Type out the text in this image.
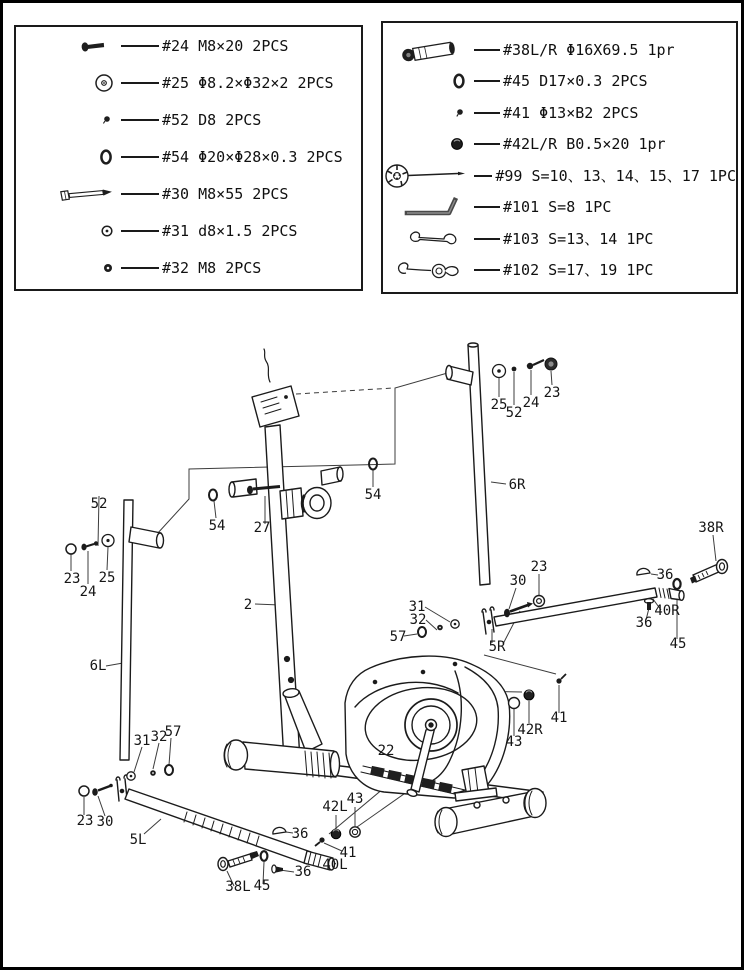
#24 M8×20 2PCS
#25 Φ8.2×Φ32×2 2PCS
#52 D8 2PCS
#54 Φ20×Φ28×0.3 2PCS
#30 M8×55 2PCS
#31 d8×1.5 2PCS
#32 M8 2PCS
#38L/R Φ16X69.5 1pr
#45 D17×0.3 2PCS
#41 Φ13×B2 2PCS
#42L/R B0.5×20 1pr
#99 S=10、13、14、15、17 1PC
#101 S=8 1PC
#103 S=13、14 1PC
#102 S=17、19 1PC
25
52
24
23
6R
54
27
2
52
23
24
25
54
6L
31
32
57
30
23
5R
36
40R
36
45
38R
42R
43
41
22
31 32
57
23 30
5L	36
42L
43
41
40L
36
38L 45
